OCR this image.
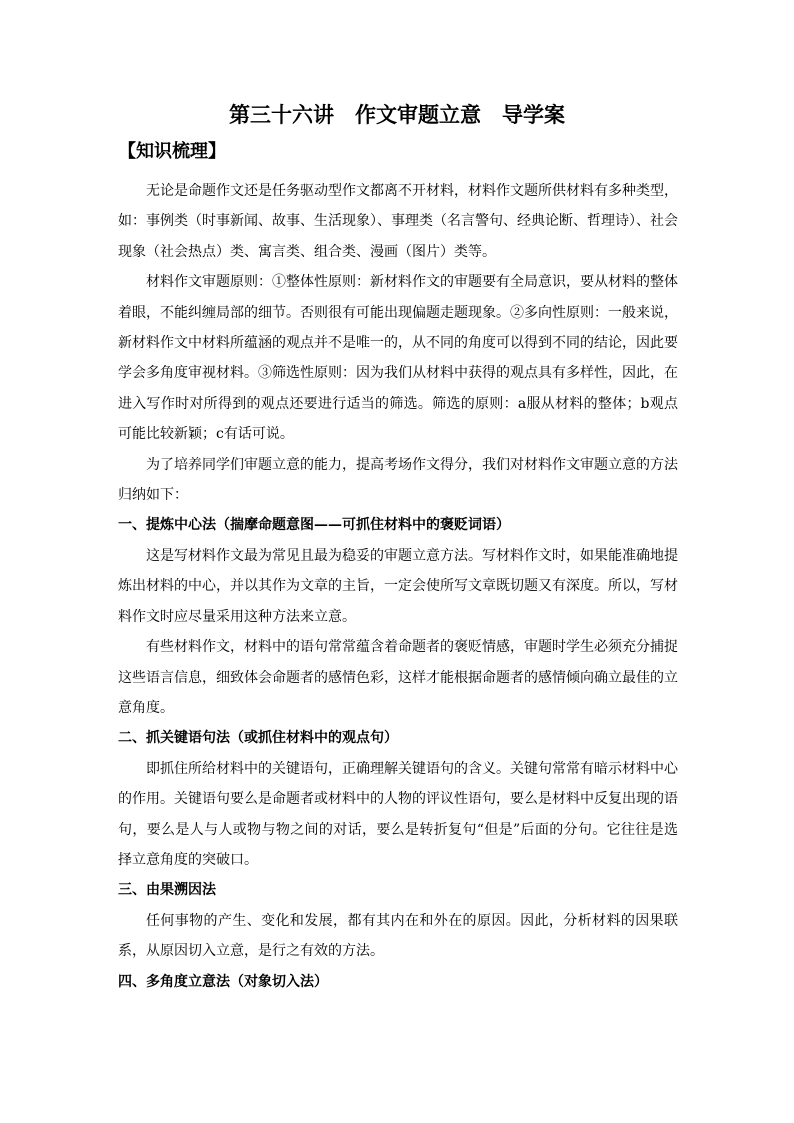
第三十六讲　作文审题立意　导学案
【知识梳理】

无论是命题作文还是任务驱动型作文都离不开材料，材料作文题所供材料有多种类型，如：事例类（时事新闻、故事、生活现象）、事理类（名言警句、经典论断、哲理诗）、社会现象（社会热点）类、寓言类、组合类、漫画（图片）类等。

材料作文审题原则：①整体性原则：新材料作文的审题要有全局意识，要从材料的整体着眼，不能纠缠局部的细节。否则很有可能出现偏题走题现象。②多向性原则：一般来说，新材料作文中材料所蕴涵的观点并不是唯一的，从不同的角度可以得到不同的结论，因此要学会多角度审视材料。③筛选性原则：因为我们从材料中获得的观点具有多样性，因此，在进入写作时对所得到的观点还要进行适当的筛选。筛选的原则：a服从材料的整体；b观点可能比较新颖；c有话可说。

为了培养同学们审题立意的能力，提高考场作文得分，我们对材料作文审题立意的方法归纳如下：

一、提炼中心法（揣摩命题意图——可抓住材料中的褒贬词语）

这是写材料作文最为常见且最为稳妥的审题立意方法。写材料作文时，如果能准确地提炼出材料的中心，并以其作为文章的主旨，一定会使所写文章既切题又有深度。所以，写材料作文时应尽量采用这种方法来立意。

有些材料作文，材料中的语句常常蕴含着命题者的褒贬情感，审题时学生必须充分捕捉这些语言信息，细致体会命题者的感情色彩，这样才能根据命题者的感情倾向确立最佳的立意角度。

二、抓关键语句法（或抓住材料中的观点句）

即抓住所给材料中的关键语句，正确理解关键语句的含义。关键句常常有暗示材料中心的作用。关键语句要么是命题者或材料中的人物的评议性语句，要么是材料中反复出现的语句，要么是人与人或物与物之间的对话，要么是转折复句“但是”后面的分句。它往往是选择立意角度的突破口。

三、由果溯因法

任何事物的产生、变化和发展，都有其内在和外在的原因。因此，分析材料的因果联系，从原因切入立意，是行之有效的方法。

四、多角度立意法（对象切入法）
